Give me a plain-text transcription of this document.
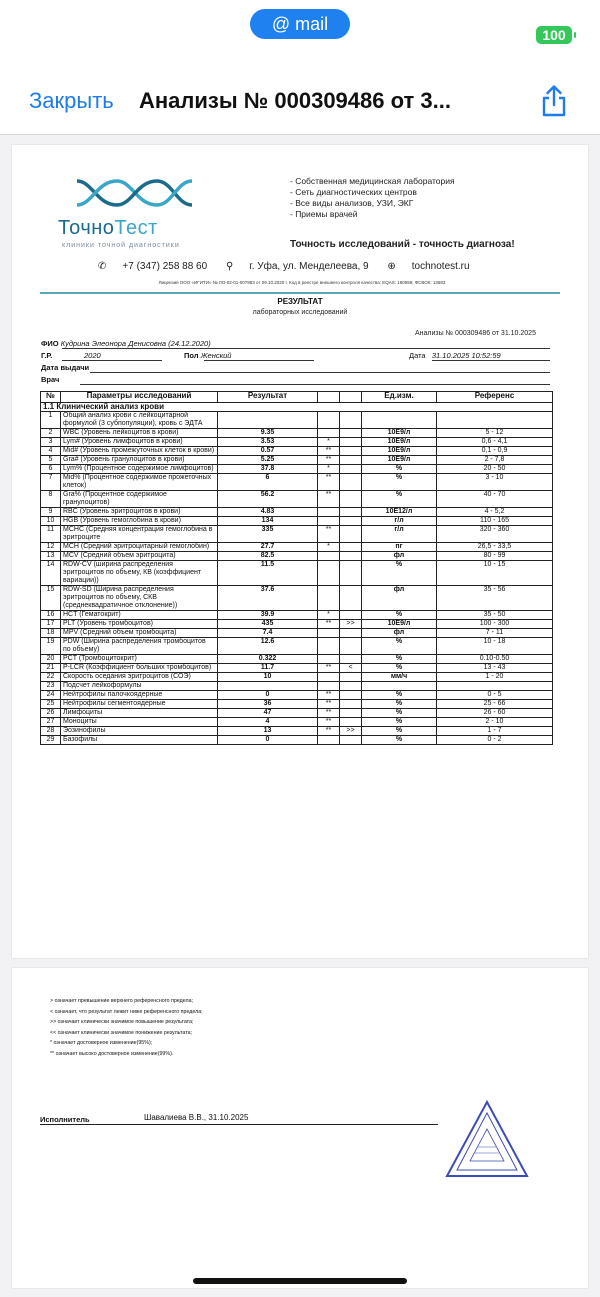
@ mail
100
Закрыть Анализы № 000309486 от 3...
ТочноТест
клиники точной диагностики
- Собственная медицинская лаборатория
- Сеть диагностических центров
- Все виды анализов, УЗИ, ЭКГ
- Приемы врачей
Точность исследований - точность диагноза!
✆ +7 (347) 258 88 60 ⚲ г. Уфа, ул. Менделеева, 9 ⊕ tochnotest.ru
Лицензия ООО «ИГИТИ» № ЛО-02-01-007983 от 09.10.2020 г. Код в реестре внешнего контроля качества: EQAS: 180659; ФСВОК: 13683
РЕЗУЛЬТАТ
лабораторных исследований
Анализы № 000309486 от 31.10.2025
ФИО Кудрина Элеонора Денисовна (24.12.2020)
Г.Р.	2020	Пол Женский	Дата 31.10.2025 10:52:59
Дата выдачи
Врач
№	Параметры исследований	Результат			Ед.изм.	Референс
1.1 Клинический анализ крови						
1	Общий анализ крови с лейкоцитарной формулой (3 субпопуляции), кровь с ЭДТА					
2	WBC (Уровень лейкоцитов в крови)	9.35			10E9/л	5 - 12
3	Lym# (Уровень лимфоцитов в крови)	3.53	*		10E9/л	0,6 - 4,1
4	Mid# (Уровень промежуточных клеток в крови)	0.57	**		10E9/л	0,1 - 0,9
5	Gra# (Уровень гранулоцитов в крови)	5.25	**		10E9/л	2 - 7,8
6	Lym% (Процентное содержимое лимфоцитов)	37.8	*		%	20 - 50
7	Mid% (Процентное содержимое прожеточных клеток)	6	**		%	3 - 10
8	Gra% (Процентное содержимое гранулоцитов)	56.2	**		%	40 - 70
9	RBC (Уровень эритроцитов в крови)	4.83			10E12/л	4 - 5,2
10	HGB (Уровень гемоглобина в крови)	134			г/л	110 - 165
11	MCHC (Средняя концентрация гемоглобина в эритроците	335	**		г/л	320 - 360
12	MCH (Средний эритроцитарный гемоглобин)	27.7	*		пг	26,5 - 33,5
13	MCV (Средний объем эритроцита)	82.5			фл	80 - 99
14	RDW-CV (ширина распределения эритроцитов по объему, КВ (коэффициент вариации))	11.5			%	10 - 15
15	RDW-SD (Ширина распределения эритроцитов по объему, СКВ (среднеквадратичное отклонение))	37.6			фл	35 - 56
16	HCT (Гематокрит)	39.9	*		%	35 - 50
17	PLT (Уровень тромбоцитов)	435	**	>>	10E9/л	100 - 300
18	MPV (Средний объем тромбоцита)	7.4			фл	7 - 11
19	PDW (Ширина распределения тромбоцитов по объему)	12.6			%	10 - 18
20	PCT (Тромбоцитокрит)	0.322			%	0.10-0.50
21	P-LCR (Коэффициент больших тромбоцитов)	11.7	**	<	%	13 - 43
22	Скорость оседания эритроцитов (СОЭ)	10			мм/ч	1 - 20
23	Подсчет лейкоформулы					
24	Нейтрофилы палочкоядерные	0	**		%	0 - 5
25	Нейтрофилы сегментоядерные	36	**		%	25 - 66
26	Лимфоциты	47	**		%	26 - 60
27	Моноциты	4	**		%	2 - 10
28	Эозинофилы	13	**	>>	%	1 - 7
29	Базофилы	0			%	0 - 2
> означает превышение верхнего референсного предела;
< означает, что результат лежит ниже референсного предела;
>> означает клинически значимое повышение результата;
<< означает клинически значимое понижение результата;
* означает достоверное изменение(95%);
** означает высоко достоверное изменение(99%).
Исполнитель	Шавалиева В.В., 31.10.2025
